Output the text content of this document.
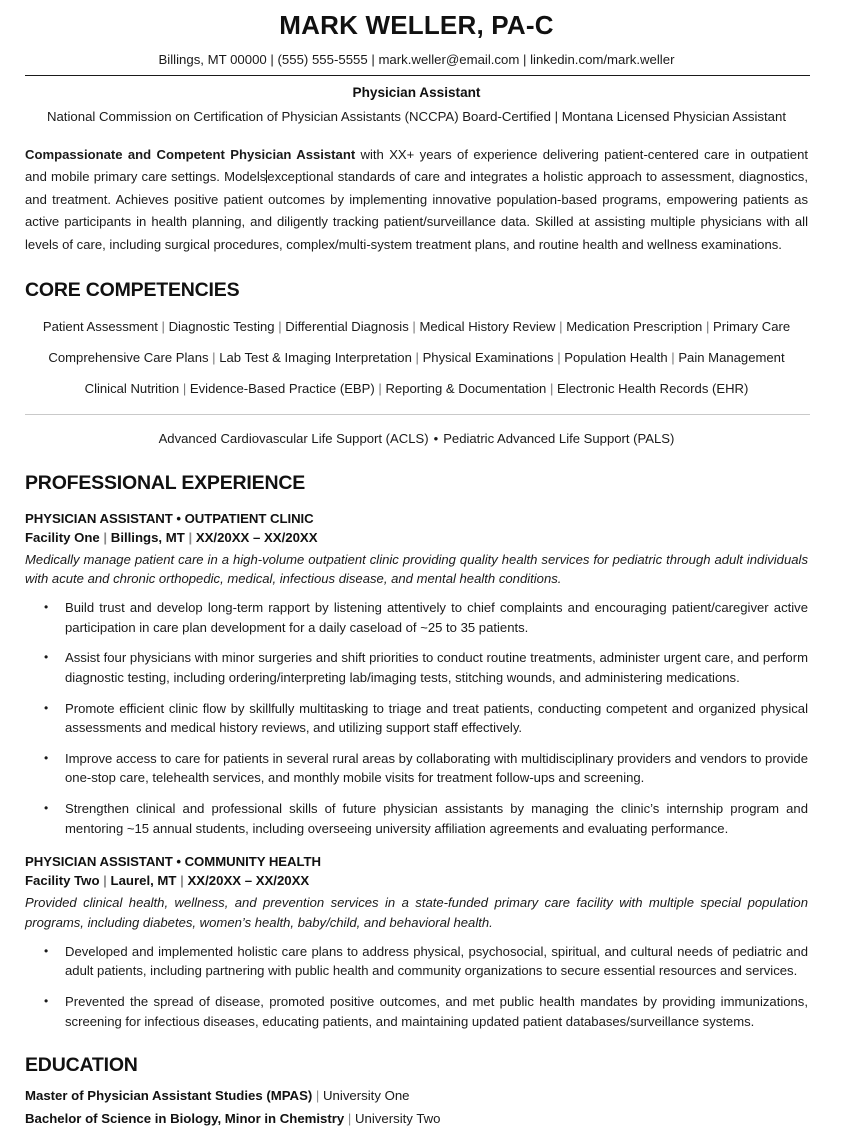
MARK WELLER, PA-C
Billings, MT 00000 | (555) 555-5555 | mark.weller@email.com | linkedin.com/mark.weller
Physician Assistant
National Commission on Certification of Physician Assistants (NCCPA) Board-Certified | Montana Licensed Physician Assistant

Compassionate and Competent Physician Assistant with XX+ years of experience delivering patient-centered care in outpatient and mobile primary care settings. Modelsexceptional standards of care and integrates a holistic approach to assessment, diagnostics, and treatment. Achieves positive patient outcomes by implementing innovative population-based programs, empowering patients as active participants in health planning, and diligently tracking patient/surveillance data. Skilled at assisting multiple physicians with all levels of care, including surgical procedures, complex/multi-system treatment plans, and routine health and wellness examinations.

CORE COMPETENCIES
Patient Assessment | Diagnostic Testing | Differential Diagnosis | Medical History Review | Medication Prescription | Primary Care
Comprehensive Care Plans | Lab Test & Imaging Interpretation | Physical Examinations | Population Health | Pain Management
Clinical Nutrition | Evidence-Based Practice (EBP) | Reporting & Documentation | Electronic Health Records (EHR)
Advanced Cardiovascular Life Support (ACLS) • Pediatric Advanced Life Support (PALS)
PROFESSIONAL EXPERIENCE
PHYSICIAN ASSISTANT • OUTPATIENT CLINIC
Facility One | Billings, MT | XX/20XX – XX/20XX
Medically manage patient care in a high-volume outpatient clinic providing quality health services for pediatric through adult individuals with acute and chronic orthopedic, medical, infectious disease, and mental health conditions.
• Build trust and develop long-term rapport by listening attentively to chief complaints and encouraging patient/caregiver active participation in care plan development for a daily caseload of ~25 to 35 patients.
• Assist four physicians with minor surgeries and shift priorities to conduct routine treatments, administer urgent care, and perform diagnostic testing, including ordering/interpreting lab/imaging tests, stitching wounds, and administering medications.
• Promote efficient clinic flow by skillfully multitasking to triage and treat patients, conducting competent and organized physical assessments and medical history reviews, and utilizing support staff effectively.
• Improve access to care for patients in several rural areas by collaborating with multidisciplinary providers and vendors to provide one-stop care, telehealth services, and monthly mobile visits for treatment follow-ups and screening.
• Strengthen clinical and professional skills of future physician assistants by managing the clinic’s internship program and mentoring ~15 annual students, including overseeing university affiliation agreements and evaluating performance.
PHYSICIAN ASSISTANT • COMMUNITY HEALTH
Facility Two | Laurel, MT | XX/20XX – XX/20XX
Provided clinical health, wellness, and prevention services in a state-funded primary care facility with multiple special population programs, including diabetes, women’s health, baby/child, and behavioral health.
• Developed and implemented holistic care plans to address physical, psychosocial, spiritual, and cultural needs of pediatric and adult patients, including partnering with public health and community organizations to secure essential resources and services.
• Prevented the spread of disease, promoted positive outcomes, and met public health mandates by providing immunizations, screening for infectious diseases, educating patients, and maintaining updated patient databases/surveillance systems.
EDUCATION
Master of Physician Assistant Studies (MPAS) | University One
Bachelor of Science in Biology, Minor in Chemistry | University Two
